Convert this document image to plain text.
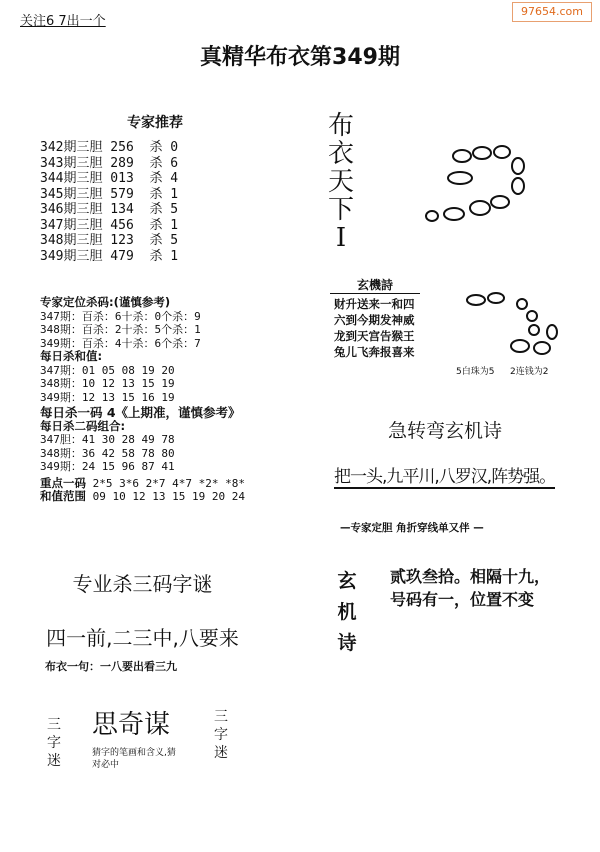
关注6 7出一个
97654.com
真精华布衣第349期
专家推荐
342期三胆 256  杀 0
343期三胆 289  杀 6
344期三胆 013  杀 4
345期三胆 579  杀 1
346期三胆 134  杀 5
347期三胆 456  杀 1
348期三胆 123  杀 5
349期三胆 479  杀 1
专家定位杀码:(谨慎参考)
347期：百杀：6十杀：0个杀：9
348期：百杀：2十杀：5个杀：1
349期：百杀：4十杀：6个杀：7
每日杀和值:
347期：01 05 08 19 20
348期：10 12 13 15 19
349期：12 13 15 16 19
每日杀一码 4《上期准，谨慎参考》
每日杀二码组合:
347胆：41 30 28 49 78
348期：36 42 58 78 80
349期：24 15 96 87 41
重点一码 2*5 3*6 2*7 4*7 *2* *8*
和值范围 09 10 12 13 15 19 20 24
专业杀三码字谜
四一前,二三中,八要来
布衣一句：一八要出看三九
三
字
迷
三
字
迷
思奇谋
猜字的笔画和含义,猜对必中
布
衣
天
下
I
玄機詩
财升送来一和四
六到今期发神威
龙到天宫告猴王
兔儿飞奔报喜来
5白珠为5 2连钱为2
急转弯玄机诗
把一头,九平川,八罗汉,阵势强。
—专家定胆 角折穿线单又伴 —
玄
机
诗
贰玖叁拾。相隔十九，
号码有一，位置不变
